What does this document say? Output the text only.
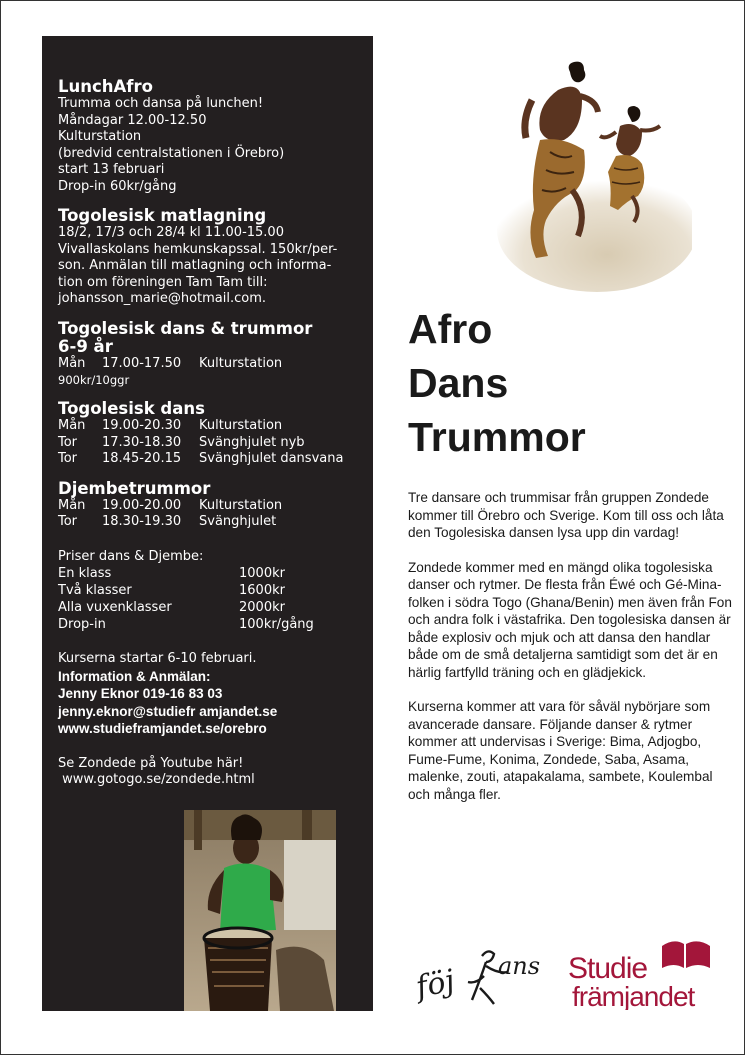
LunchAfro
Trumma och dansa på lunchen!
Måndagar 12.00-12.50
Kulturstation
(bredvid centralstationen i Örebro)
start 13 februari
Drop-in 60kr/gång
Togolesisk matlagning
18/2, 17/3 och 28/4 kl 11.00-15.00
Vivallaskolans hemkunskapssal. 150kr/per-
son. Anmälan till matlagning och informa-
tion om föreningen Tam Tam till:
johansson_marie@hotmail.com.
Togolesisk dans & trummor
6-9 år
Mån	17.00-17.50	Kulturstation
900kr/10ggr
Togolesisk dans
Mån	19.00-20.30	Kulturstation
Tor	17.30-18.30	Svänghjulet nyb
Tor	18.45-20.15	Svänghjulet dansvana
Djembetrummor
Mån	19.00-20.00	Kulturstation
Tor	18.30-19.30	Svänghjulet
Priser dans & Djembe:
En klass	1000kr
Två klasser	1600kr
Alla vuxenklasser	2000kr
Drop-in	100kr/gång
Kurserna startar 6-10 februari.
Information & Anmälan:
Jenny Eknor 019-16 83 03
jenny.eknor@studiefr amjandet.se
www.studieframjandet.se/orebro
Se Zondede på Youtube här!
www.gotogo.se/zondede.html
Afro
Dans
Trummor

Tre dansare och trummisar från gruppen Zondede kommer till Örebro och Sverige. Kom till oss och låta den Togolesiska dansen lysa upp din vardag!

Zondede kommer med en mängd olika togolesiska danser och rytmer. De flesta från Éwé och Gé-Mina-folken i södra Togo (Ghana/Benin) men även från Fon och andra folk i västafrika. Den togolesiska dansen är både explosiv och mjuk och att dansa den handlar både om de små detaljerna samtidigt som det är en härlig fartfylld träning och en glädjekick.

Kurserna kommer att vara för såväl nybörjare som avancerade dansare. Följande danser & rytmer kommer att undervisas i Sverige: Bima, Adjogbo, Fume-Fume, Konima, Zondede, Saba, Asama, malenke, zouti, atapakalama, sambete, Koulembal och många fler.

föj ans Studie
främjandet
